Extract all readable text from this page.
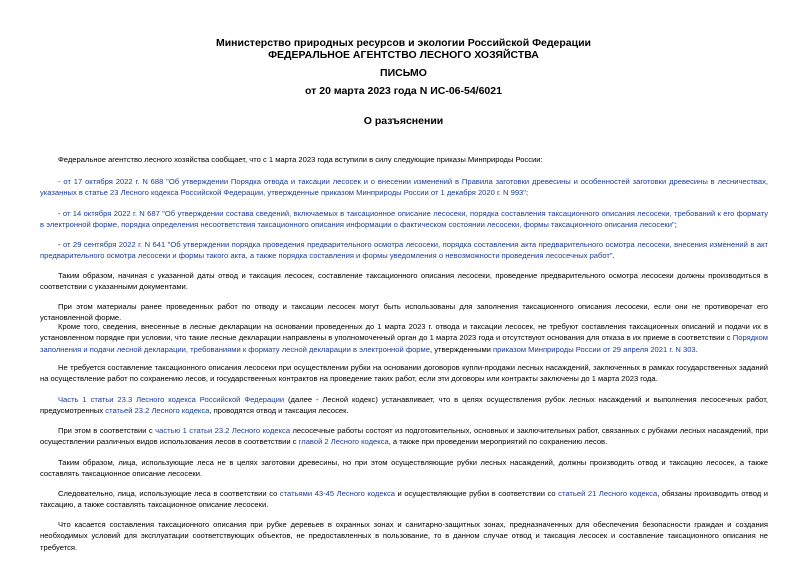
Министерство природных ресурсов и экологии Российской Федерации
ФЕДЕРАЛЬНОЕ АГЕНТСТВО ЛЕСНОГО ХОЗЯЙСТВА
ПИСЬМО
от 20 марта 2023 года N ИС-06-54/6021
О разъяснении
Федеральное агентство лесного хозяйства сообщает, что с 1 марта 2023 года вступили в силу следующие приказы Минприроды России:
- от 17 октября 2022 г. N 688 "Об утверждении Порядка отвода и таксации лесосек и о внесении изменений в Правила заготовки древесины и особенностей заготовки древесины в лесничествах, указанных в статье 23 Лесного кодекса Российской Федерации, утвержденные приказом Минприроды России от 1 декабря 2020 г. N 993";
- от 14 октября 2022 г. N 687 "Об утверждении состава сведений, включаемых в таксационное описание лесосеки, порядка составления таксационного описания лесосеки, требований к его формату в электронной форме, порядка определения несоответствия таксационного описания информации о фактическом состоянии лесосеки, формы таксационного описания лесосеки";
- от 29 сентября 2022 г. N 641 "Об утверждении порядка проведения предварительного осмотра лесосеки, порядка составления акта предварительного осмотра лесосеки, внесения изменений в акт предварительного осмотра лесосеки и формы такого акта, а также порядка составления и формы уведомления о невозможности проведения лесосечных работ".
Таким образом, начиная с указанной даты отвод и таксация лесосек, составление таксационного описания лесосеки, проведение предварительного осмотра лесосеки должны производиться в соответствии с указанными документами.
При этом материалы ранее проведенных работ по отводу и таксации лесосек могут быть использованы для заполнения таксационного описания лесосеки, если они не противоречат его установленной форме.
Кроме того, сведения, внесенные в лесные декларации на основании проведенных до 1 марта 2023 г. отвода и таксации лесосек, не требуют составления таксационных описаний и подачи их в установленном порядке при условии, что такие лесные декларации направлены в уполномоченный орган до 1 марта 2023 года и отсутствуют основания для отказа в их приеме в соответствии с Порядком заполнения и подачи лесной декларации, требованиями к формату лесной декларации в электронной форме, утвержденными приказом Минприроды России от 29 апреля 2021 г. N 303.
Не требуется составление таксационного описания лесосеки при осуществлении рубки на основании договоров купли-продажи лесных насаждений, заключенных в рамках государственных заданий на осуществление работ по сохранению лесов, и государственных контрактов на проведение таких работ, если эти договоры или контракты заключены до 1 марта 2023 года.
Часть 1 статьи 23.3 Лесного кодекса Российской Федерации (далее - Лесной кодекс) устанавливает, что в целях осуществления рубок лесных насаждений и выполнения лесосечных работ, предусмотренных статьей 23.2 Лесного кодекса, проводятся отвод и таксация лесосек.
При этом в соответствии с частью 1 статьи 23.2 Лесного кодекса лесосечные работы состоят из подготовительных, основных и заключительных работ, связанных с рубками лесных насаждений, при осуществлении различных видов использования лесов в соответствии с главой 2 Лесного кодекса, а также при проведении мероприятий по сохранению лесов.
Таким образом, лица, использующие леса не в целях заготовки древесины, но при этом осуществляющие рубки лесных насаждений, должны производить отвод и таксацию лесосек, а также составлять таксационное описание лесосеки.
Следовательно, лица, использующие леса в соответствии со статьями 43-45 Лесного кодекса и осуществляющие рубки в соответствии со статьей 21 Лесного кодекса, обязаны производить отвод и таксацию, а также составлять таксационное описание лесосеки.
Что касается составления таксационного описания при рубке деревьев в охранных зонах и санитарно-защитных зонах, предназначенных для обеспечения безопасности граждан и создания необходимых условий для эксплуатации соответствующих объектов, не предоставленных в пользование, то в данном случае отвод и таксация лесосек и составление таксационного описания не требуется.
